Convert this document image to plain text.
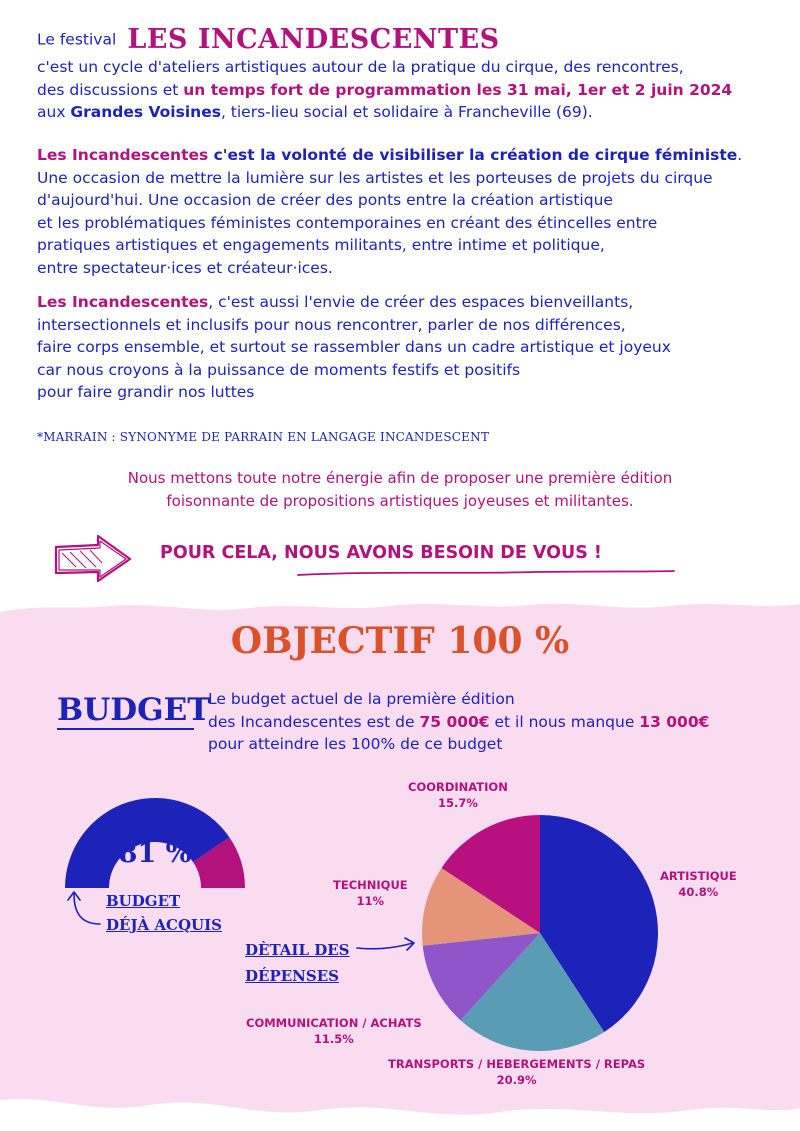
Le festival LES INCANDESCENTES
c'est un cycle d'ateliers artistiques autour de la pratique du cirque, des rencontres,
des discussions et un temps fort de programmation les 31 mai, 1er et 2 juin 2024
aux Grandes Voisines, tiers-lieu social et solidaire à Francheville (69).
Les Incandescentes c'est la volonté de visibiliser la création de cirque féministe.
Une occasion de mettre la lumière sur les artistes et les porteuses de projets du cirque
d'aujourd'hui. Une occasion de créer des ponts entre la création artistique
et les problématiques féministes contemporaines en créant des étincelles entre
pratiques artistiques et engagements militants, entre intime et politique,
entre spectateur·ices et créateur·ices.
Les Incandescentes, c'est aussi l'envie de créer des espaces bienveillants,
intersectionnels et inclusifs pour nous rencontrer, parler de nos différences,
faire corps ensemble, et surtout se rassembler dans un cadre artistique et joyeux
car nous croyons à la puissance de moments festifs et positifs
pour faire grandir nos luttes
*MARRAIN : SYNONYME DE PARRAIN EN LANGAGE INCANDESCENT
Nous mettons toute notre énergie afin de proposer une première édition
foisonnante de propositions artistiques joyeuses et militantes.
POUR CELA, NOUS AVONS BESOIN DE VOUS !
OBJECTIF 100 %
BUDGET
Le budget actuel de la première édition
des Incandescentes est de 75 000€ et il nous manque 13 000€
pour atteindre les 100% de ce budget
81 %
BUDGET
DÉJÀ ACQUIS
DÈTAIL DES
DÉPENSES
COORDINATION
15.7%
ARTISTIQUE
40.8%
TECHNIQUE
11%
COMMUNICATION / ACHATS
11.5%
TRANSPORTS / HEBERGEMENTS / REPAS
20.9%
